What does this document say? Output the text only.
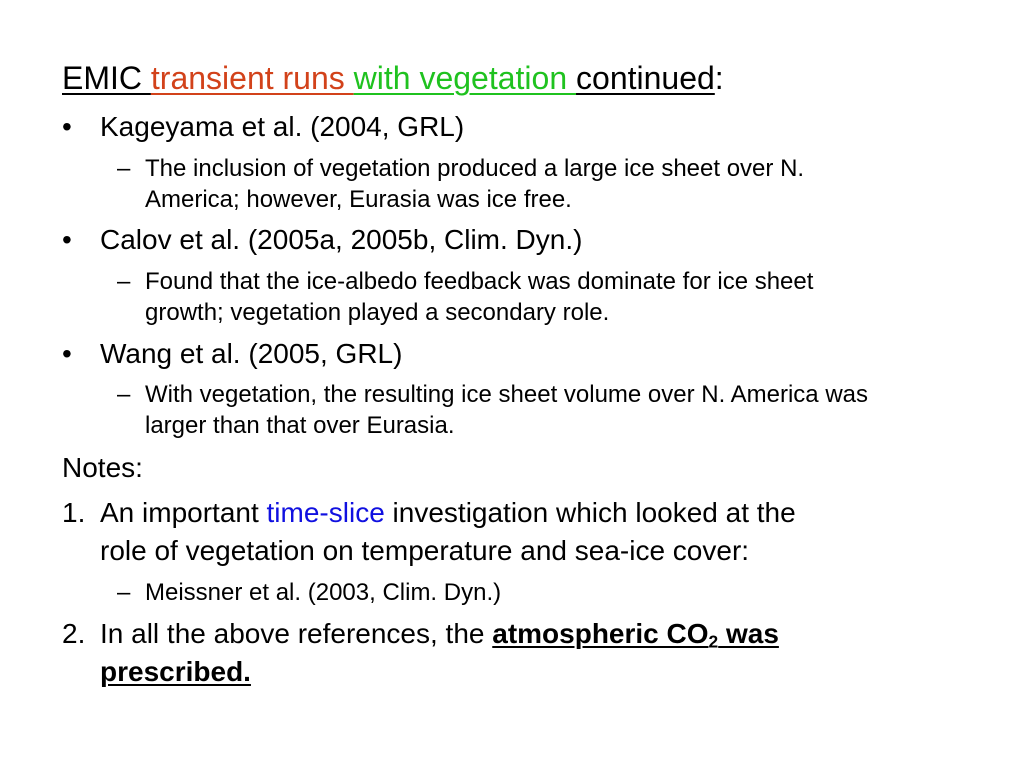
EMIC transient runs with vegetation continued:
• Kageyama et al. (2004, GRL)
– The inclusion of vegetation produced a large ice sheet over N.
America; however, Eurasia was ice free.
• Calov et al. (2005a, 2005b, Clim. Dyn.)
– Found that the ice-albedo feedback was dominate for ice sheet
growth; vegetation played a secondary role.
• Wang et al. (2005, GRL)
– With vegetation, the resulting ice sheet volume over N. America was
larger than that over Eurasia.
Notes:
1. An important time-slice investigation which looked at the
role of vegetation on temperature and sea-ice cover:
– Meissner et al. (2003, Clim. Dyn.)
2. In all the above references, the atmospheric $CO_2$ was
prescribed.
